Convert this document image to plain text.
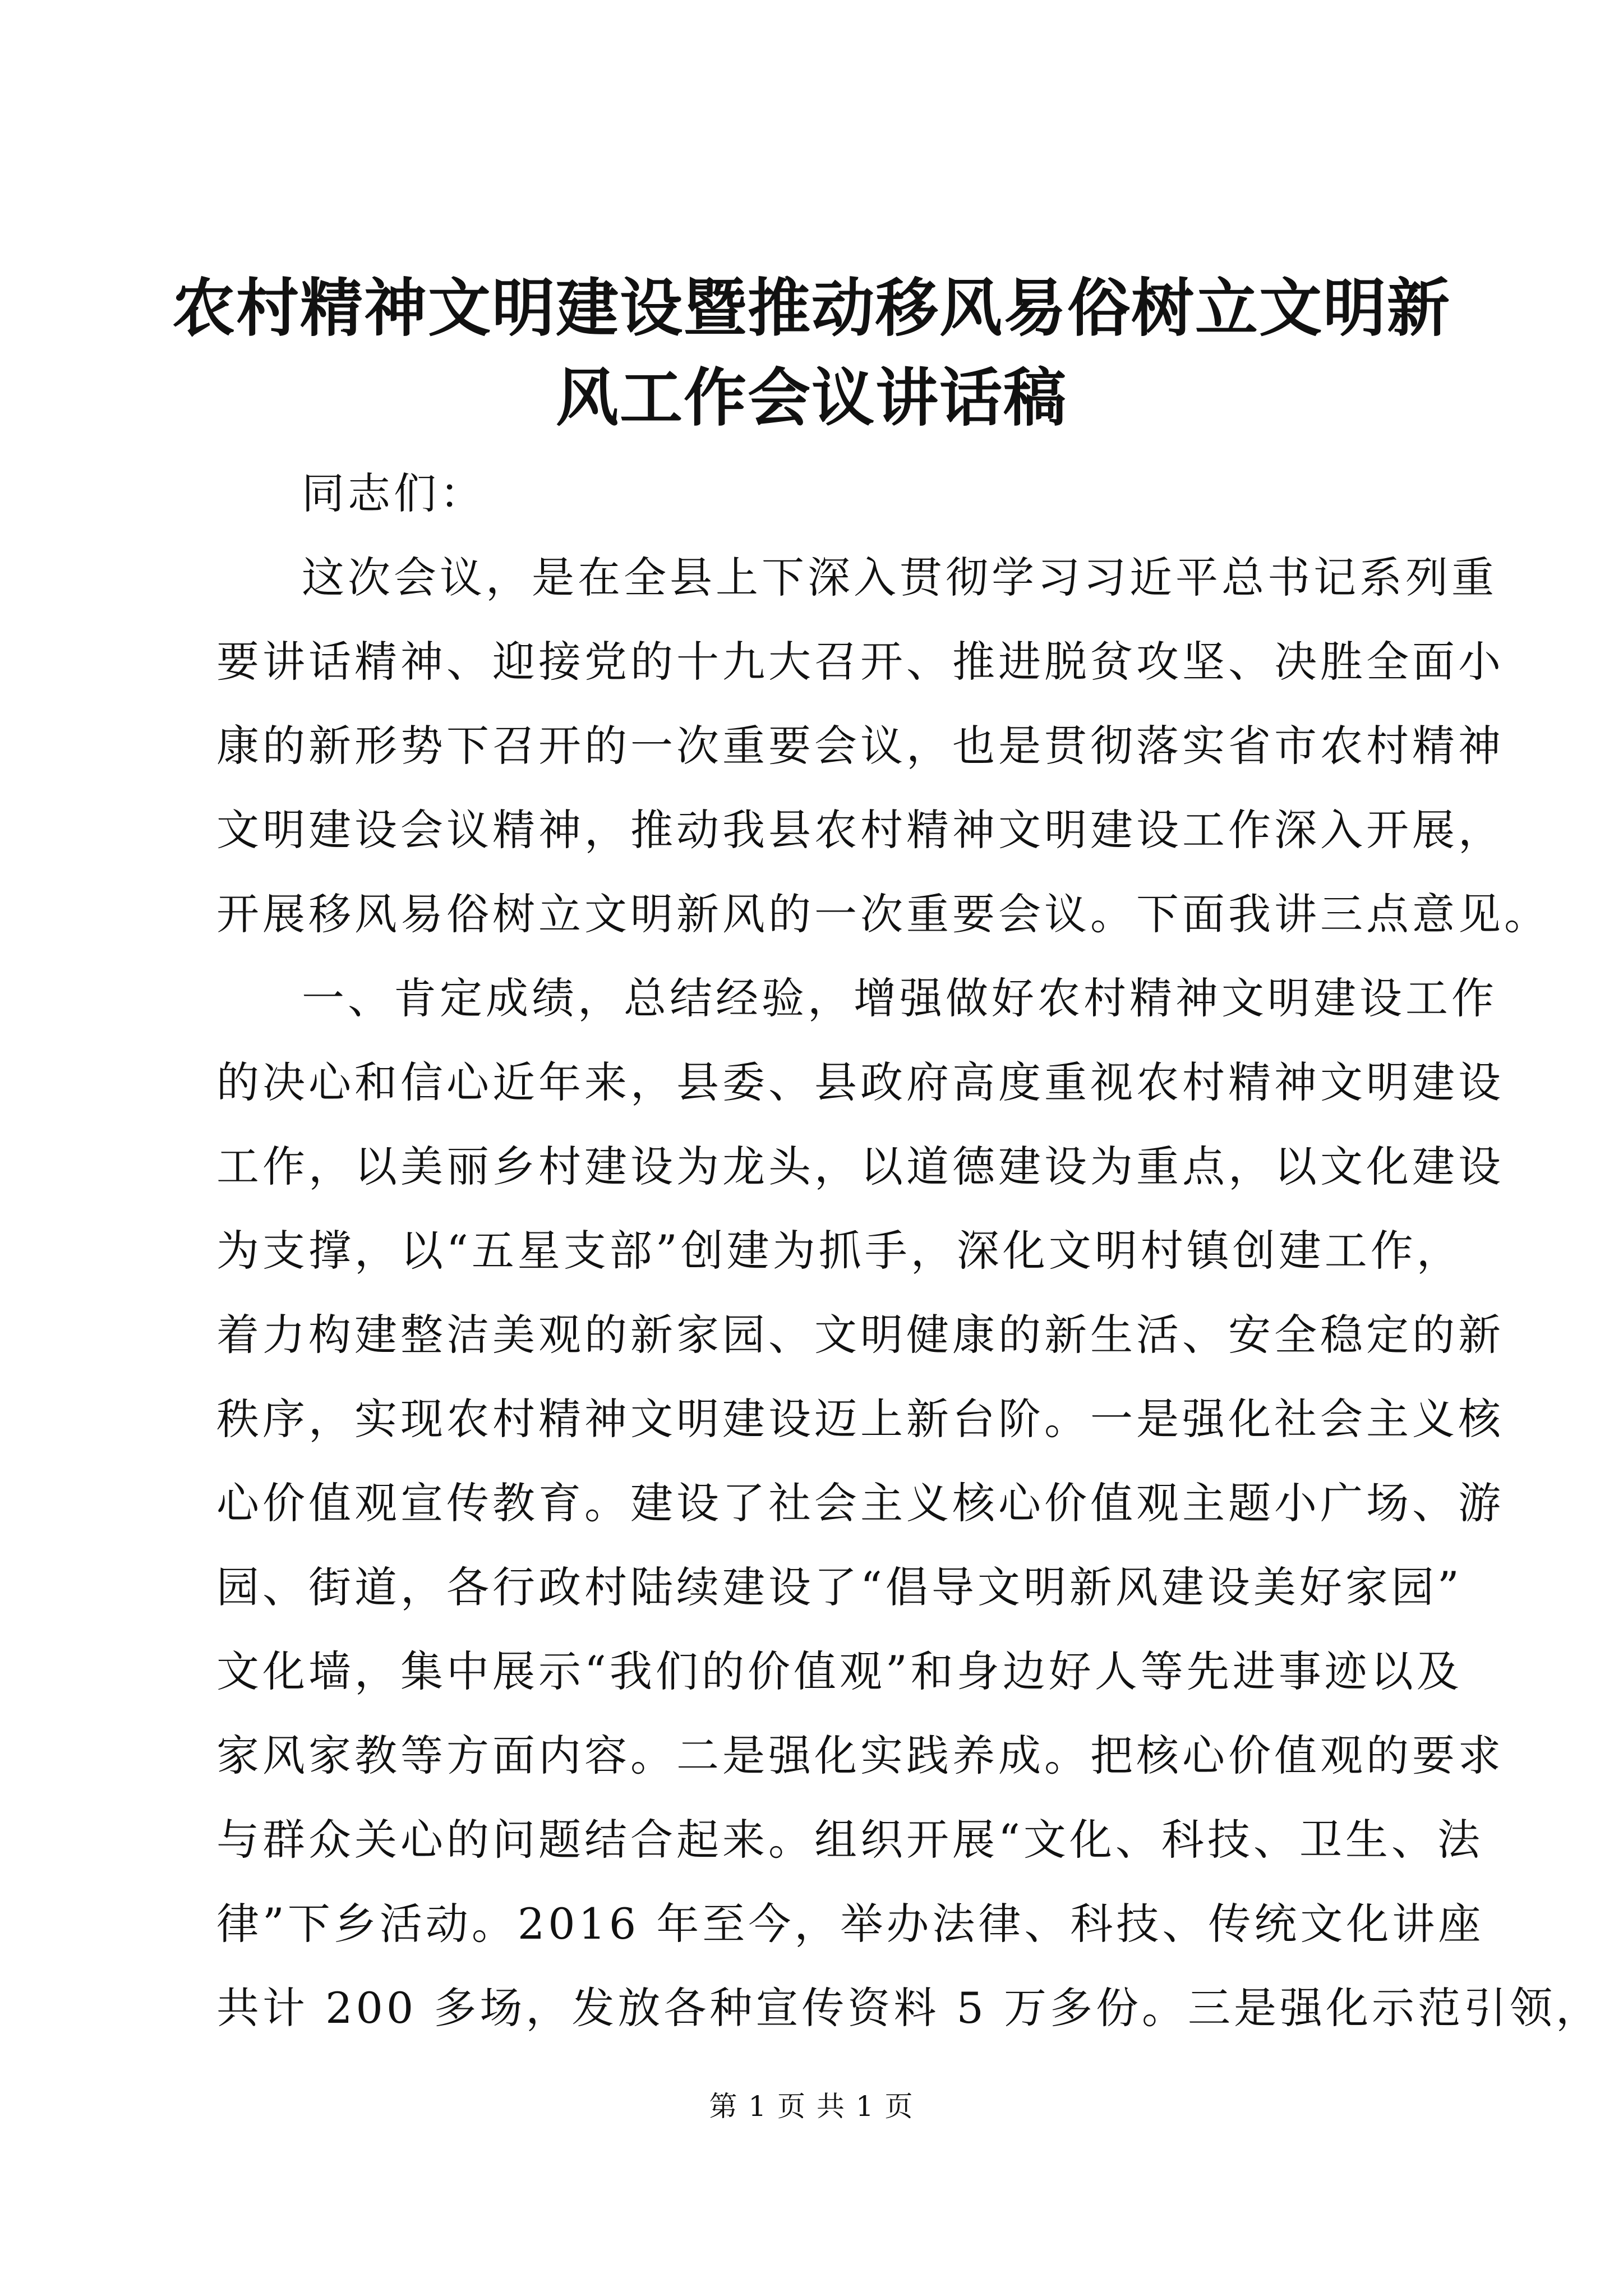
农村精神文明建设暨推动移风易俗树立文明新
风工作会议讲话稿
同志们：
这次会议，是在全县上下深入贯彻学习习近平总书记系列重
要讲话精神、迎接党的十九大召开、推进脱贫攻坚、决胜全面小
康的新形势下召开的一次重要会议，也是贯彻落实省市农村精神
文明建设会议精神，推动我县农村精神文明建设工作深入开展，
开展移风易俗树立文明新风的一次重要会议。下面我讲三点意见。
一、肯定成绩，总结经验，增强做好农村精神文明建设工作
的决心和信心近年来，县委、县政府高度重视农村精神文明建设
工作，以美丽乡村建设为龙头，以道德建设为重点，以文化建设
为支撑，以“五星支部”创建为抓手，深化文明村镇创建工作，
着力构建整洁美观的新家园、文明健康的新生活、安全稳定的新
秩序，实现农村精神文明建设迈上新台阶。一是强化社会主义核
心价值观宣传教育。建设了社会主义核心价值观主题小广场、游
园、街道，各行政村陆续建设了“倡导文明新风建设美好家园”
文化墙，集中展示“我们的价值观”和身边好人等先进事迹以及
家风家教等方面内容。二是强化实践养成。把核心价值观的要求
与群众关心的问题结合起来。组织开展“文化、科技、卫生、法
律”下乡活动。2016 年至今，举办法律、科技、传统文化讲座
共计 200 多场，发放各种宣传资料 5 万多份。三是强化示范引领，
第 1 页 共 1 页
